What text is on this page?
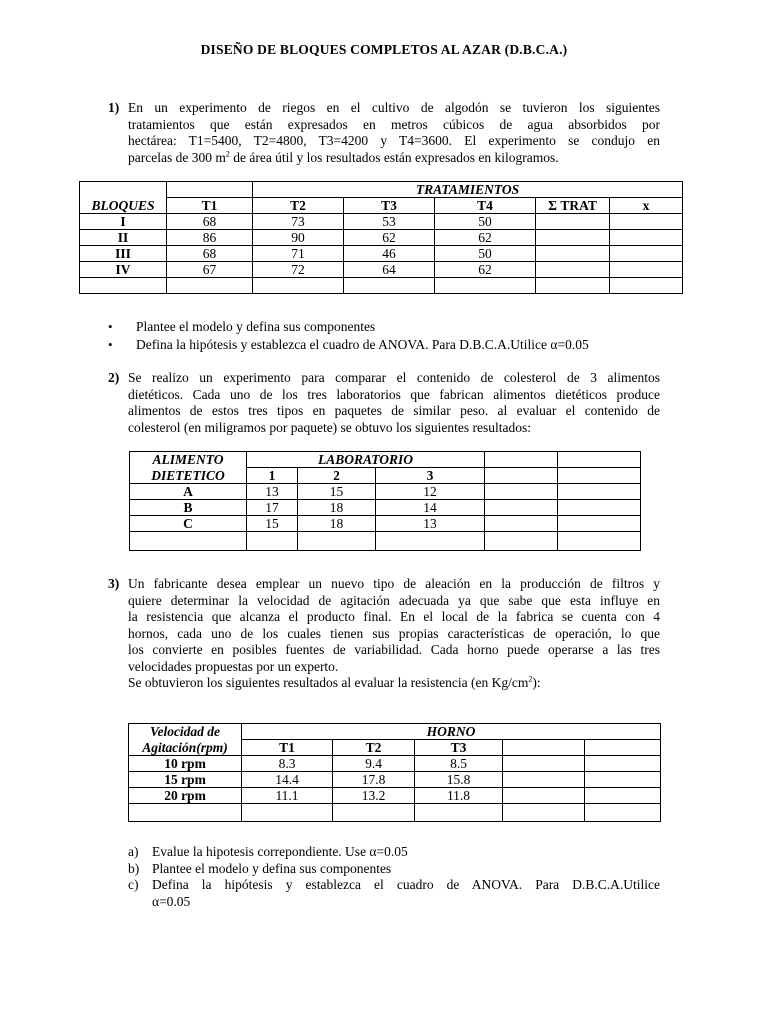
DISEÑO DE BLOQUES COMPLETOS AL AZAR (D.B.C.A.)
1) En un experimento de riegos en el cultivo de algodón se tuvieron los siguientes
tratamientos que están expresados en metros cúbicos de agua absorbidos por
hectárea: T1=5400, T2=4800, T3=4200 y T4=3600. El experimento se condujo en
parcelas de 300 $m^2$ de área útil y los resultados están expresados en kilogramos.
		TRATAMIENTOS				
BLOQUES	T1	T2	T3	T4	Σ TRAT	x
I	68	73	53	50		
II	86	90	62	62		
III	68	71	46	50		
IV	67	72	64	62		

• Plantee el modelo y defina sus componentes
• Defina la hipótesis y establezca el cuadro de ANOVA. Para D.B.C.A.Utilice α=0.05
2) Se realizo un experimento para comparar el contenido de colesterol de 3 alimentos
dietéticos. Cada uno de los tres laboratorios que fabrican alimentos dietéticos produce
alimentos de estos tres tipos en paquetes de similar peso. al evaluar el contenido de
colesterol (en miligramos por paquete) se obtuvo los siguientes resultados:
ALIMENTO	LABORATORIO				
DIETETICO	1	2	3		
A	13	15	12		
B	17	18	14		
C	15	18	13		

3) Un fabricante desea emplear un nuevo tipo de aleación en la producción de filtros y
quiere determinar la velocidad de agitación adecuada ya que sabe que esta influye en
la resistencia que alcanza el producto final. En el local de la fabrica se cuenta con 4
hornos, cada uno de los cuales tienen sus propias características de operación, lo que
los convierte en posibles fuentes de variabilidad. Cada horno puede operarse a las tres
velocidades propuestas por un experto.
Se obtuvieron los siguientes resultados al evaluar la resistencia (en $Kg/cm^2$):
Velocidad de	HORNO				
Agitación(rpm)	T1	T2	T3		
10 rpm	8.3	9.4	8.5		
15 rpm	14.4	17.8	15.8		
20 rpm	11.1	13.2	11.8		

a) Evalue la hipotesis correpondiente. Use α=0.05
b) Plantee el modelo y defina sus componentes
c) Defina la hipótesis y establezca el cuadro de ANOVA. Para D.B.C.A.Utilice
α=0.05
